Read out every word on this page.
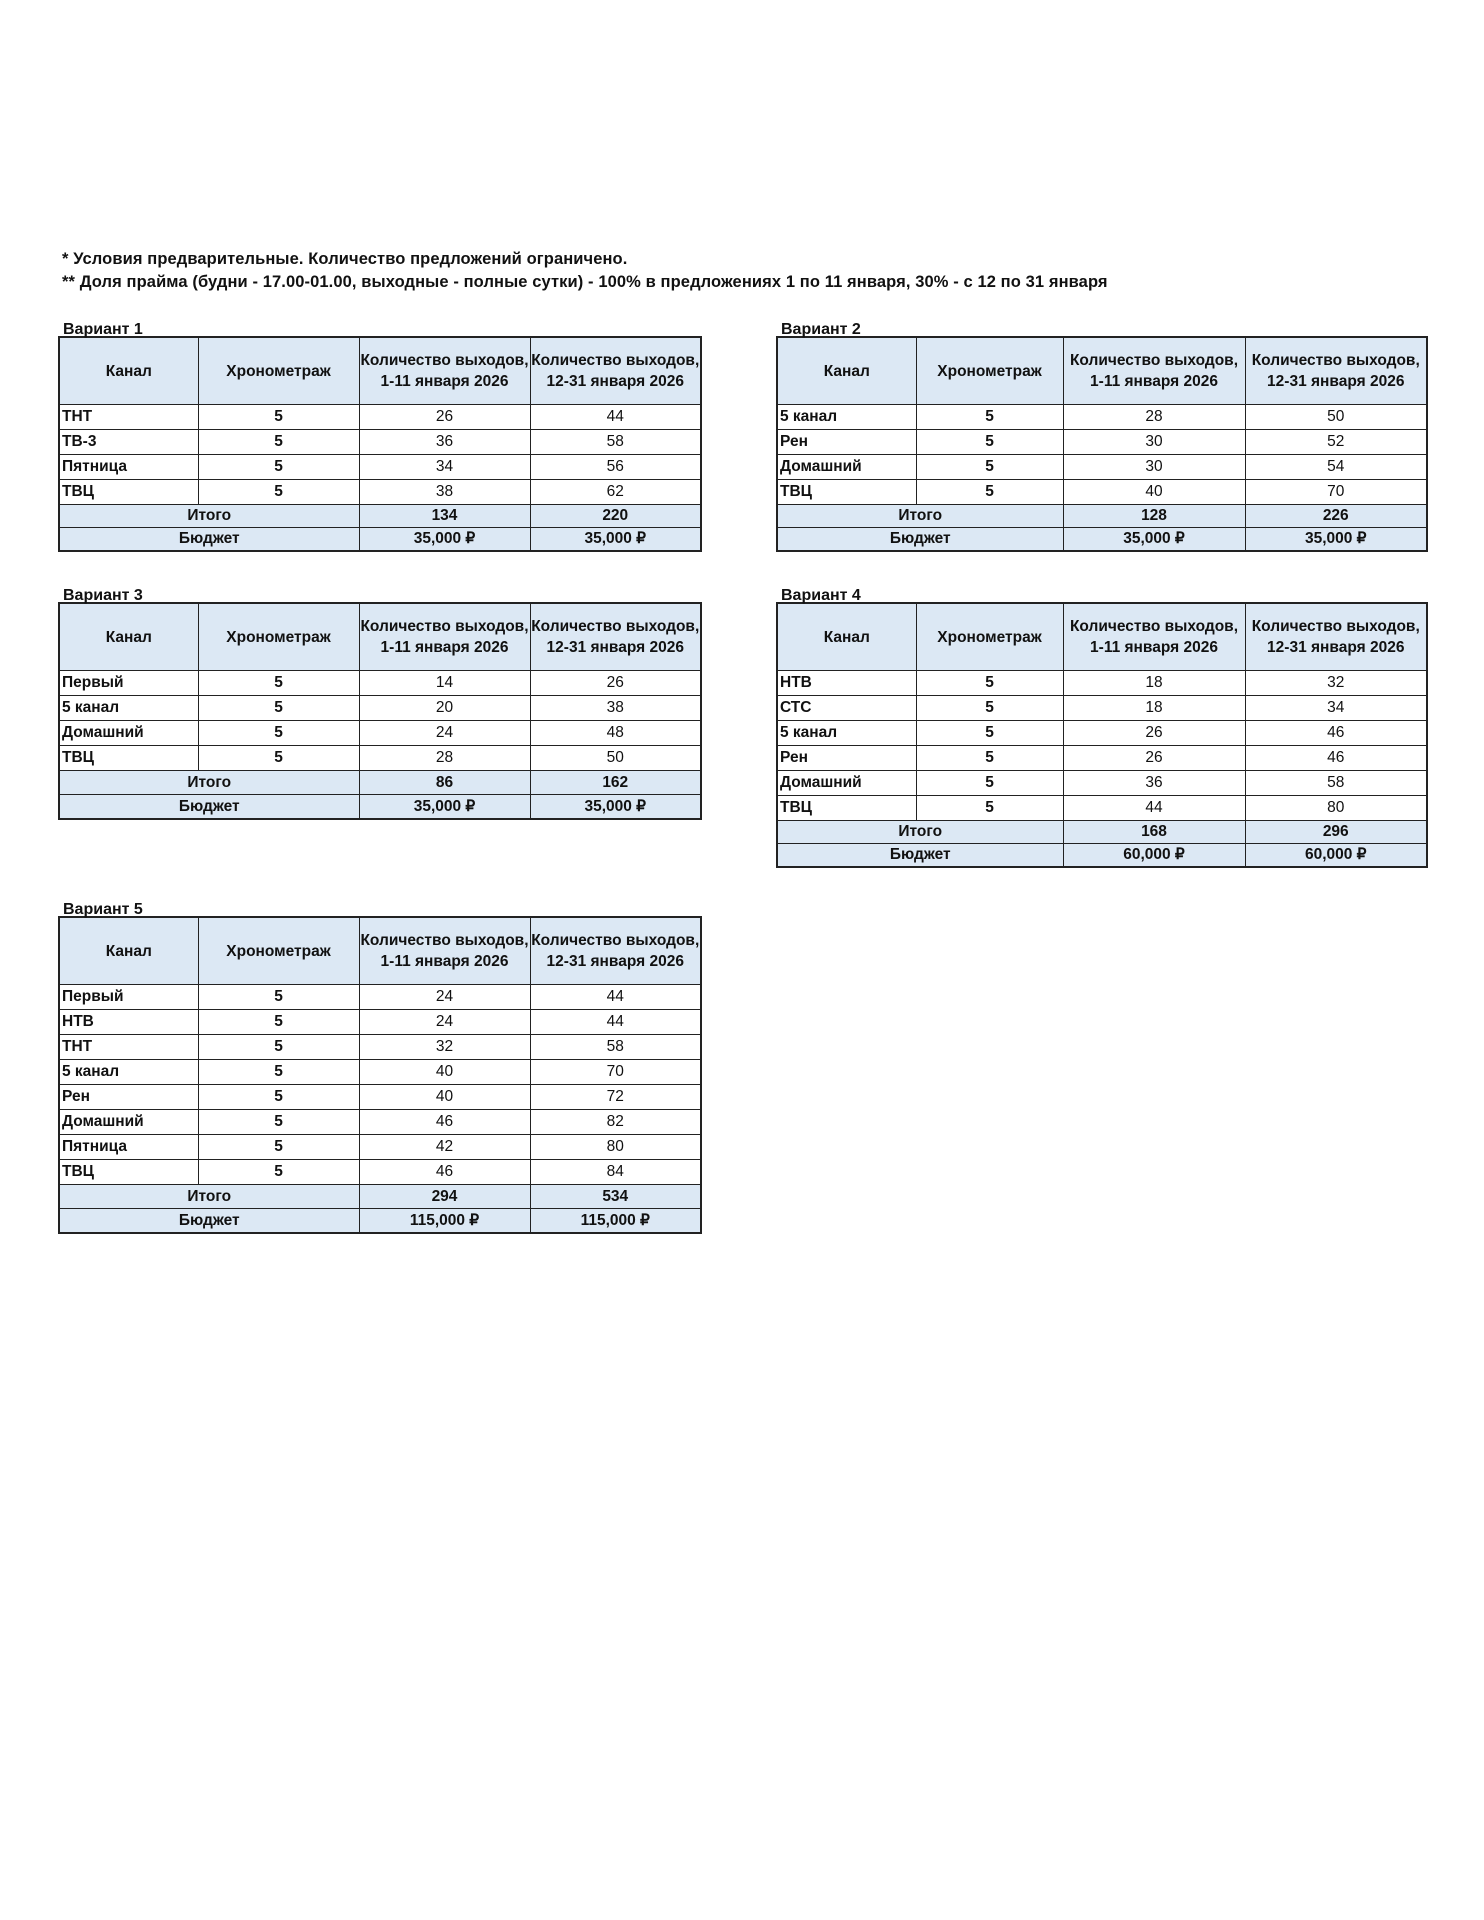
* Условия предварительные. Количество предложений ограничено.
** Доля прайма (будни - 17.00-01.00, выходные - полные сутки) - 100% в предложениях 1 по 11 января, 30% - с 12 по 31 января
Вариант 1
Канал	Хронометраж	Количество выходов, 1-11 января 2026	Количество выходов, 12-31 января 2026
ТНТ	5	26	44
ТВ-3	5	36	58
Пятница	5	34	56
ТВЦ	5	38	62
Итого		134	220
Бюджет		35,000 ₽	35,000 ₽
Вариант 2
Канал	Хронометраж	Количество выходов, 1-11 января 2026	Количество выходов, 12-31 января 2026
5 канал	5	28	50
Рен	5	30	52
Домашний	5	30	54
ТВЦ	5	40	70
Итого		128	226
Бюджет		35,000 ₽	35,000 ₽
Вариант 3
Канал	Хронометраж	Количество выходов, 1-11 января 2026	Количество выходов, 12-31 января 2026
Первый	5	14	26
5 канал	5	20	38
Домашний	5	24	48
ТВЦ	5	28	50
Итого		86	162
Бюджет		35,000 ₽	35,000 ₽
Вариант 4
Канал	Хронометраж	Количество выходов, 1-11 января 2026	Количество выходов, 12-31 января 2026
НТВ	5	18	32
СТС	5	18	34
5 канал	5	26	46
Рен	5	26	46
Домашний	5	36	58
ТВЦ	5	44	80
Итого		168	296
Бюджет		60,000 ₽	60,000 ₽
Вариант 5
Канал	Хронометраж	Количество выходов, 1-11 января 2026	Количество выходов, 12-31 января 2026
Первый	5	24	44
НТВ	5	24	44
ТНТ	5	32	58
5 канал	5	40	70
Рен	5	40	72
Домашний	5	46	82
Пятница	5	42	80
ТВЦ	5	46	84
Итого		294	534
Бюджет		115,000 ₽	115,000 ₽
